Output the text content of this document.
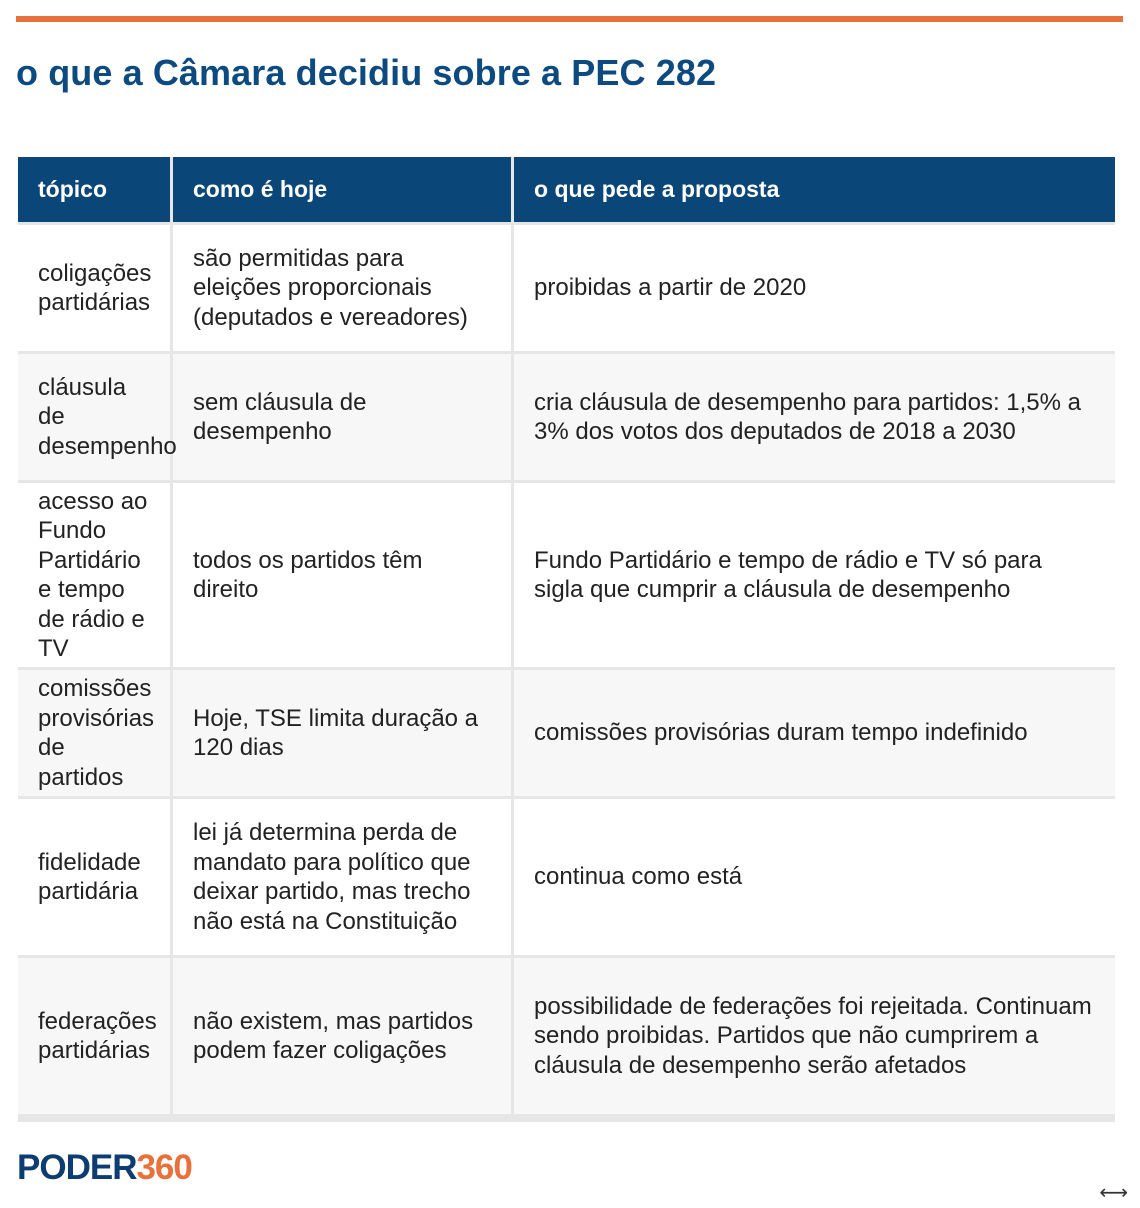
o que a Câmara decidiu sobre a PEC 282
tópico	como é hoje	o que pede a proposta
coligações partidárias	são permitidas para eleições proporcionais (deputados e vereadores)	proibidas a partir de 2020
cláusula de desempenho	sem cláusula de desempenho	cria cláusula de desempenho para partidos: 1,5% a 3% dos votos dos deputados de 2018 a 2030
acesso ao Fundo Partidário e tempo de rádio e TV	todos os partidos têm direito	Fundo Partidário e tempo de rádio e TV só para sigla que cumprir a cláusula de desempenho
comissões provisórias de partidos	Hoje, TSE limita duração a 120 dias	comissões provisórias duram tempo indefinido
fidelidade partidária	lei já determina perda de mandato para político que deixar partido, mas trecho não está na Constituição	continua como está
federações partidárias	não existem, mas partidos podem fazer coligações	possibilidade de federações foi rejeitada. Continuam sendo proibidas. Partidos que não cumprirem a cláusula de desempenho serão afetados
PODER360
⟷
